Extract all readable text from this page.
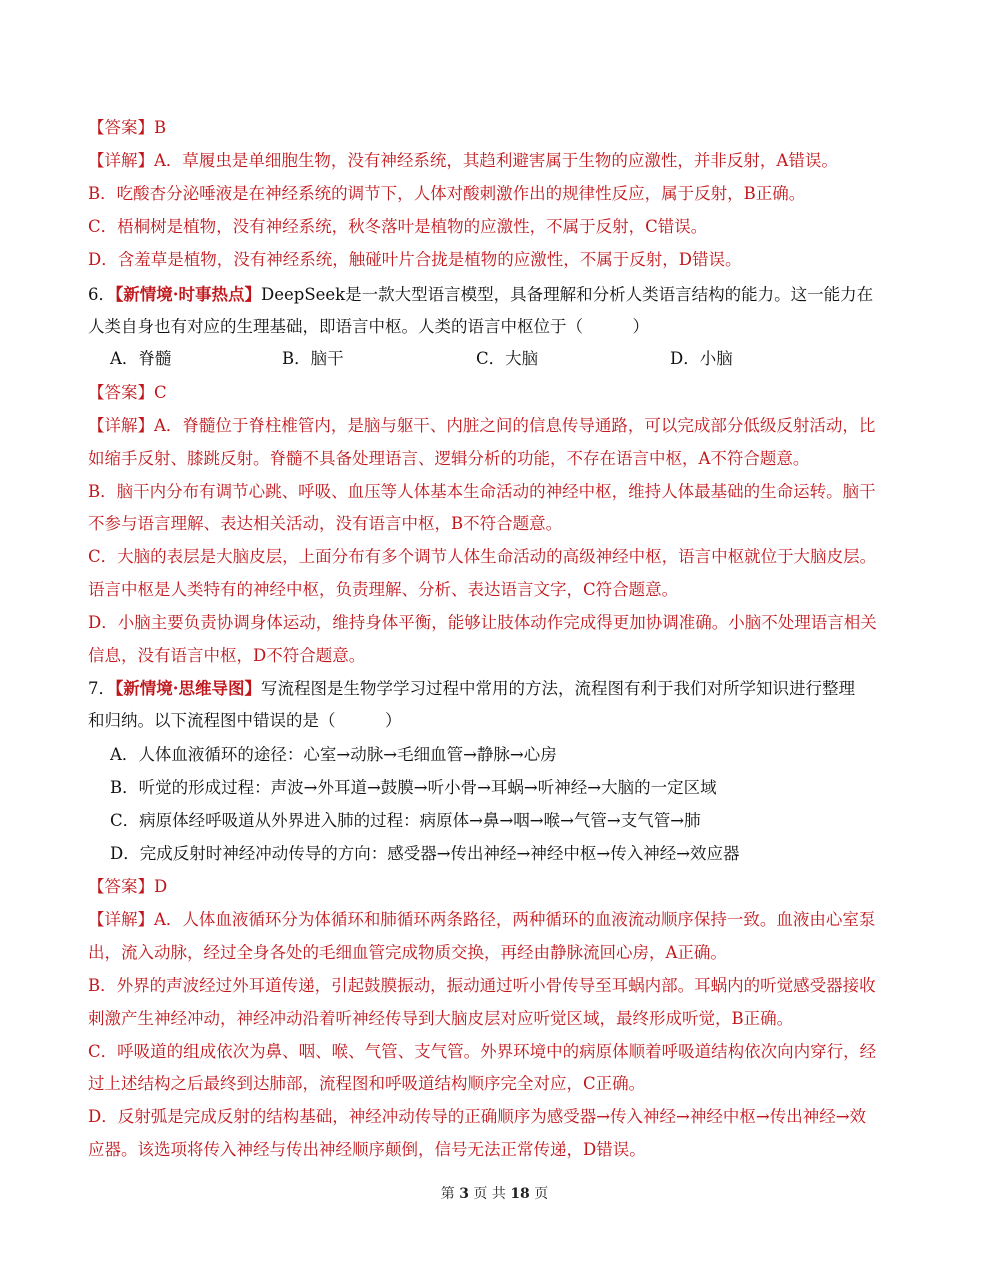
【答案】B
【详解】A．草履虫是单细胞生物，没有神经系统，其趋利避害属于生物的应激性，并非反射，A错误。
B．吃酸杏分泌唾液是在神经系统的调节下，人体对酸刺激作出的规律性反应，属于反射，B正确。
C．梧桐树是植物，没有神经系统，秋冬落叶是植物的应激性，不属于反射，C错误。
D．含羞草是植物，没有神经系统，触碰叶片合拢是植物的应激性，不属于反射，D错误。
6．【新情境·时事热点】DeepSeek是一款大型语言模型，具备理解和分析人类语言结构的能力。这一能力在
人类自身也有对应的生理基础，即语言中枢。人类的语言中枢位于（　　　）
A．脊髓	B．脑干	C．大脑	D．小脑
【答案】C
【详解】A．脊髓位于脊柱椎管内，是脑与躯干、内脏之间的信息传导通路，可以完成部分低级反射活动，比
如缩手反射、膝跳反射。脊髓不具备处理语言、逻辑分析的功能，不存在语言中枢，A不符合题意。
B．脑干内分布有调节心跳、呼吸、血压等人体基本生命活动的神经中枢，维持人体最基础的生命运转。脑干
不参与语言理解、表达相关活动，没有语言中枢，B不符合题意。
C．大脑的表层是大脑皮层，上面分布有多个调节人体生命活动的高级神经中枢，语言中枢就位于大脑皮层。
语言中枢是人类特有的神经中枢，负责理解、分析、表达语言文字，C符合题意。
D．小脑主要负责协调身体运动，维持身体平衡，能够让肢体动作完成得更加协调准确。小脑不处理语言相关
信息，没有语言中枢，D不符合题意。
7．【新情境·思维导图】写流程图是生物学学习过程中常用的方法，流程图有利于我们对所学知识进行整理
和归纳。以下流程图中错误的是（　　　）
A．人体血液循环的途径：心室→动脉→毛细血管→静脉→心房
B．听觉的形成过程：声波→外耳道→鼓膜→听小骨→耳蜗→听神经→大脑的一定区域
C．病原体经呼吸道从外界进入肺的过程：病原体→鼻→咽→喉→气管→支气管→肺
D．完成反射时神经冲动传导的方向：感受器→传出神经→神经中枢→传入神经→效应器
【答案】D
【详解】A．人体血液循环分为体循环和肺循环两条路径，两种循环的血液流动顺序保持一致。血液由心室泵
出，流入动脉，经过全身各处的毛细血管完成物质交换，再经由静脉流回心房，A正确。
B．外界的声波经过外耳道传递，引起鼓膜振动，振动通过听小骨传导至耳蜗内部。耳蜗内的听觉感受器接收
刺激产生神经冲动，神经冲动沿着听神经传导到大脑皮层对应听觉区域，最终形成听觉，B正确。
C．呼吸道的组成依次为鼻、咽、喉、气管、支气管。外界环境中的病原体顺着呼吸道结构依次向内穿行，经
过上述结构之后最终到达肺部，流程图和呼吸道结构顺序完全对应，C正确。
D．反射弧是完成反射的结构基础，神经冲动传导的正确顺序为感受器→传入神经→神经中枢→传出神经→效
应器。该选项将传入神经与传出神经顺序颠倒，信号无法正常传递，D错误。
第 3 页 共 18 页
